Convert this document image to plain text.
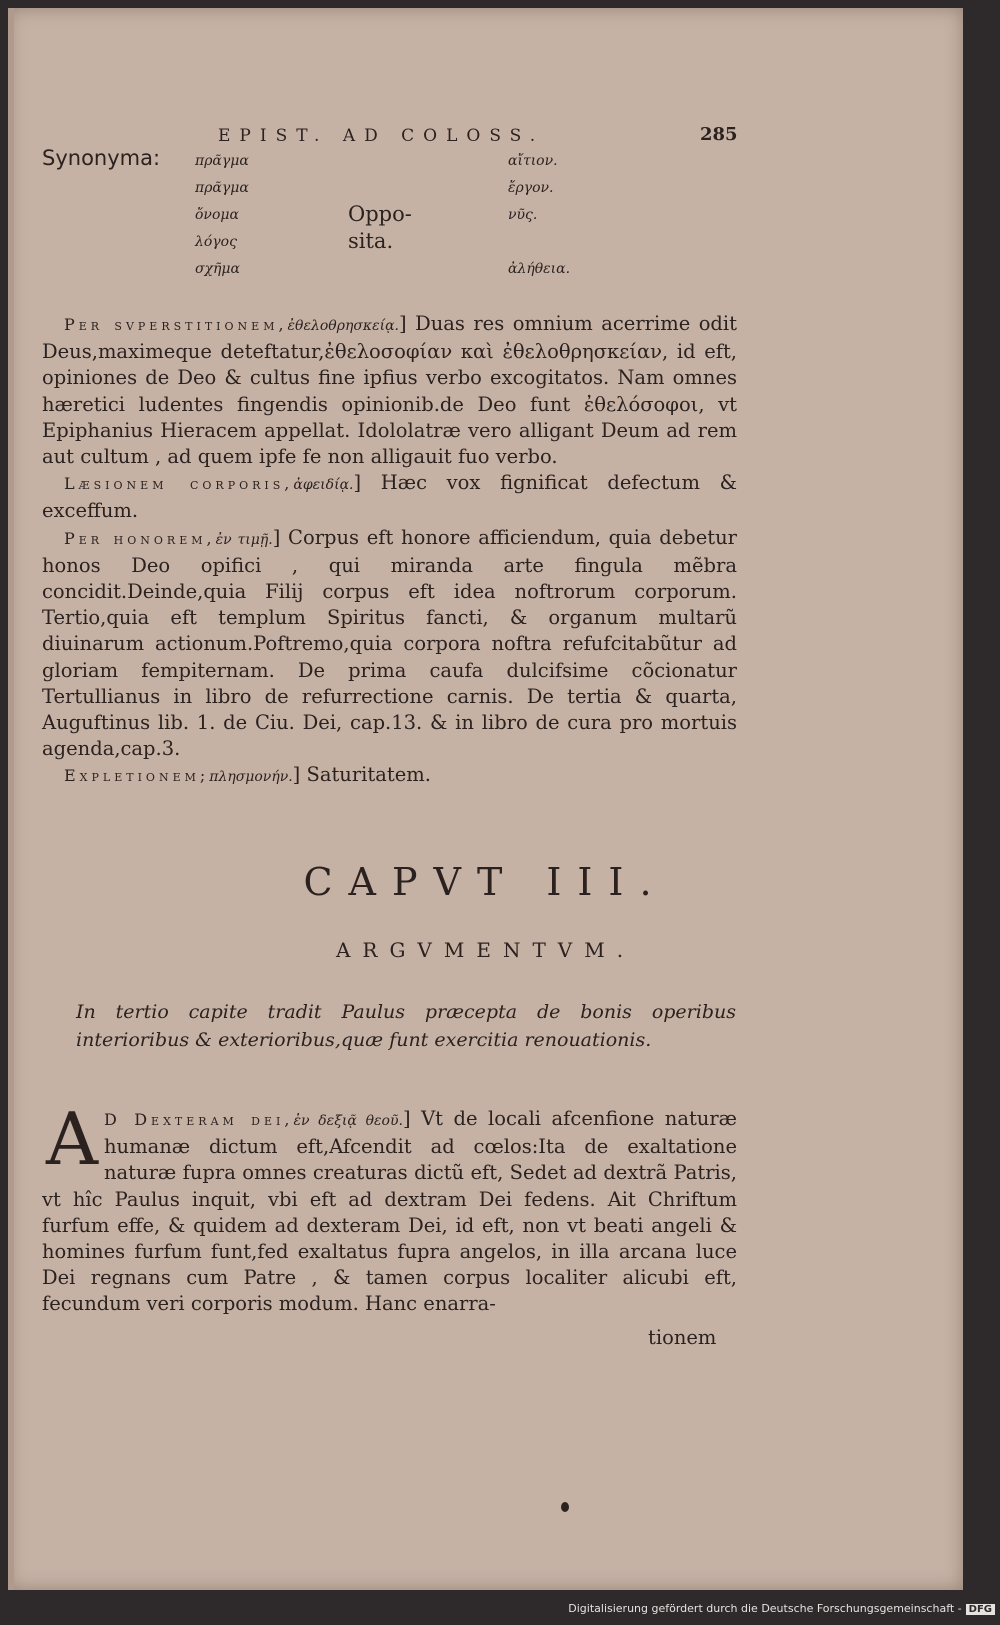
EPIST. AD COLOSS.	285
Synonyma: πρᾶγμα
πρᾶγμα
ὄνομα
λόγος
σχῆμα
Oppo- sita.
αἴτιον.
ἔργον.
νῦς.
ἀλήθεια.

Per svperstitionem,ἐθελοθρησκείᾳ.] Duas res omnium acerrime odit Deus,maximeque deteftatur,ἐθελοσοφίαν καὶ ἐθελοθρησκείαν, id eft, opiniones de Deo & cultus fine ipfius verbo excogitatos. Nam omnes hæretici ludentes fingendis opinionib.de Deo funt ἐθελόσοφοι, vt Epiphanius Hieracem appellat. Idololatræ vero alligant Deum ad rem aut cultum , ad quem ipfe fe non alligauit fuo verbo.

Læsionem corporis,ἀφειδίᾳ.] Hæc vox fignificat defectum & exceffum.

Per honorem,ἐν τιμῇ.] Corpus eft honore afficiendum, quia debetur honos Deo opifici , qui miranda arte fingula mẽbra concidit.Deinde,quia Filij corpus eft idea noftrorum corporum. Tertio,quia eft templum Spiritus fancti, & organum multarũ diuinarum actionum.Poftremo,quia corpora noftra refufcitabũtur ad gloriam fempiternam. De prima caufa dulcifsime cõcionatur Tertullianus in libro de refurrectione carnis. De tertia & quarta, Auguftinus lib. 1. de Ciu. Dei, cap.13. & in libro de cura pro mortuis agenda,cap.3.

Expletionem;πλησμονήν.] Saturitatem.

CAPVT III.
ARGVMENTVM.
In tertio capite tradit Paulus præcepta de bonis operibus interioribus & exterioribus,quæ funt exercitia renouationis.

A D Dexteram dei,ἐν δεξιᾷ θεοῦ.] Vt de locali afcenfione naturæ humanæ dictum eft,Afcendit ad cœlos:Ita de exaltatione naturæ fupra omnes creaturas dictũ eft, Sedet ad dextrã Patris, vt hîc Paulus inquit, vbi eft ad dextram Dei fedens. Ait Chriftum furfum effe, & quidem ad dexteram Dei, id eft, non vt beati angeli & homines furfum funt,fed exaltatus fupra angelos, in illa arcana luce Dei regnans cum Patre , & tamen corpus localiter alicubi eft, fecundum veri corporis modum. Hanc enarra-

tionem
Digitalisierung gefördert durch die Deutsche Forschungsgemeinschaft - DFG
